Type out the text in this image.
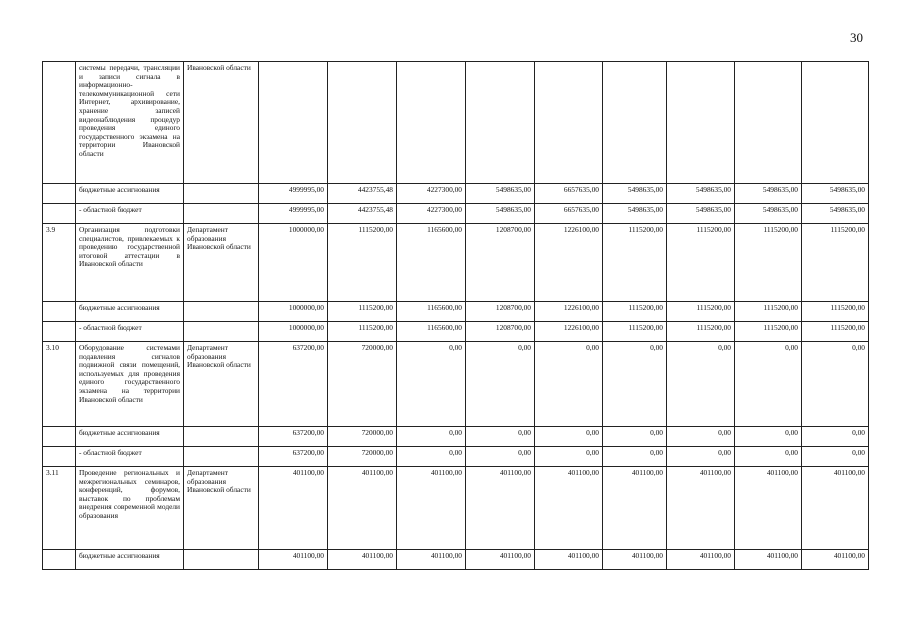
30
	системы передачи, трансляции и записи сигнала в информационно-телекоммуникационной сети Интернет, архивирование, хранение записей видеонаблюдения процедур проведения единого государственного экзамена на территории Ивановской области	Ивановской области									
	бюджетные ассигнования		4999995,00	4423755,48	4227300,00	5498635,00	6657635,00	5498635,00	5498635,00	5498635,00	5498635,00
	- областной бюджет		4999995,00	4423755,48	4227300,00	5498635,00	6657635,00	5498635,00	5498635,00	5498635,00	5498635,00
3.9	Организация подготовки специалистов, привлекаемых к проведению государственной итоговой аттестации в Ивановской области	Департамент образования Ивановской области	1000000,00	1115200,00	1165600,00	1208700,00	1226100,00	1115200,00	1115200,00	1115200,00	1115200,00
	бюджетные ассигнования		1000000,00	1115200,00	1165600,00	1208700,00	1226100,00	1115200,00	1115200,00	1115200,00	1115200,00
	- областной бюджет		1000000,00	1115200,00	1165600,00	1208700,00	1226100,00	1115200,00	1115200,00	1115200,00	1115200,00
3.10	Оборудование системами подавления сигналов подвижной связи помещений, используемых для проведения единого государственного экзамена на территории Ивановской области	Департамент образования Ивановской области	637200,00	720000,00	0,00	0,00	0,00	0,00	0,00	0,00	0,00
	бюджетные ассигнования		637200,00	720000,00	0,00	0,00	0,00	0,00	0,00	0,00	0,00
	- областной бюджет		637200,00	720000,00	0,00	0,00	0,00	0,00	0,00	0,00	0,00
3.11	Проведение региональных и межрегиональных семинаров, конференций, форумов, выставок по проблемам внедрения современной модели образования	Департамент образования Ивановской области	401100,00	401100,00	401100,00	401100,00	401100,00	401100,00	401100,00	401100,00	401100,00
	бюджетные ассигнования		401100,00	401100,00	401100,00	401100,00	401100,00	401100,00	401100,00	401100,00	401100,00
